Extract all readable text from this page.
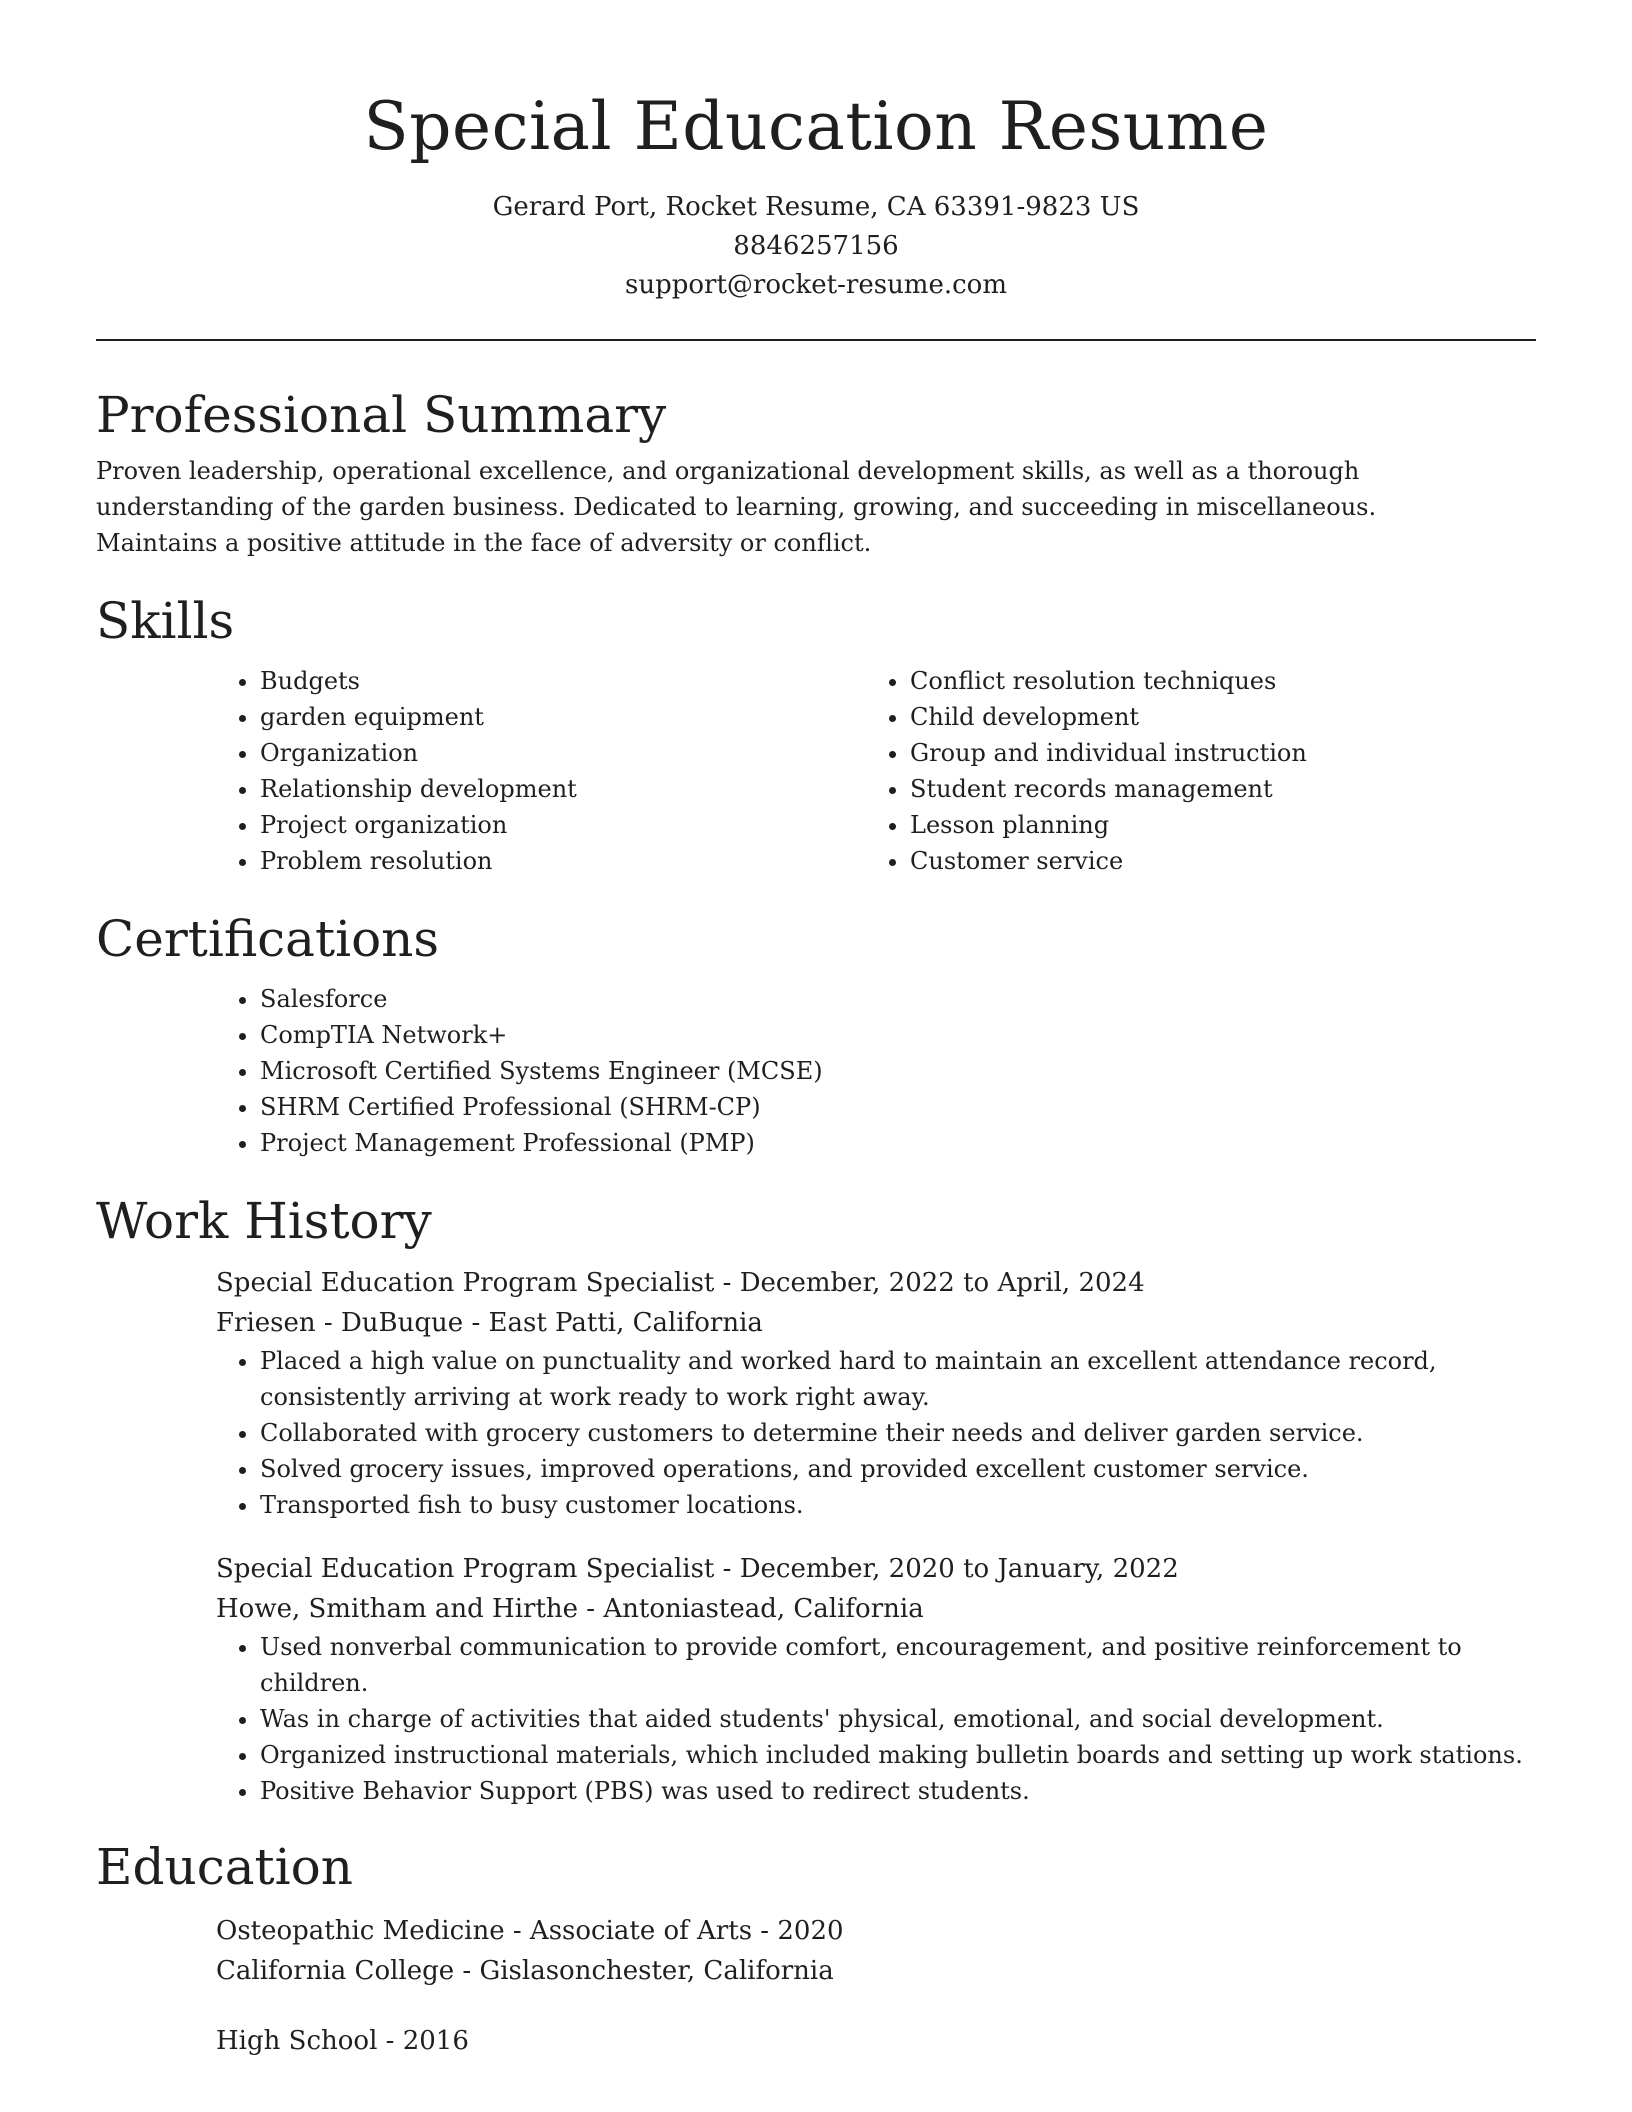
Special Education Resume
Gerard Port, Rocket Resume, CA 63391-9823 US
8846257156
support@rocket-resume.com
Professional Summary

Proven leadership, operational excellence, and organizational development skills, as well as a thorough understanding of the garden business. Dedicated to learning, growing, and succeeding in miscellaneous. Maintains a positive attitude in the face of adversity or conflict.

Skills
• Budgets
• garden equipment
• Organization
• Relationship development
• Project organization
• Problem resolution
• Conflict resolution techniques
• Child development
• Group and individual instruction
• Student records management
• Lesson planning
• Customer service
Certifications
• Salesforce
• CompTIA Network+
• Microsoft Certified Systems Engineer (MCSE)
• SHRM Certified Professional (SHRM-CP)
• Project Management Professional (PMP)
Work History

Special Education Program Specialist - December, 2022 to April, 2024

Friesen - DuBuque - East Patti, California

• Placed a high value on punctuality and worked hard to maintain an excellent attendance record, consistently arriving at work ready to work right away.
• Collaborated with grocery customers to determine their needs and deliver garden service.
• Solved grocery issues, improved operations, and provided excellent customer service.
• Transported fish to busy customer locations.

Special Education Program Specialist - December, 2020 to January, 2022

Howe, Smitham and Hirthe - Antoniastead, California

• Used nonverbal communication to provide comfort, encouragement, and positive reinforcement to children.
• Was in charge of activities that aided students' physical, emotional, and social development.
• Organized instructional materials, which included making bulletin boards and setting up work stations.
• Positive Behavior Support (PBS) was used to redirect students.
Education

Osteopathic Medicine - Associate of Arts - 2020

California College - Gislasonchester, California

High School - 2016
